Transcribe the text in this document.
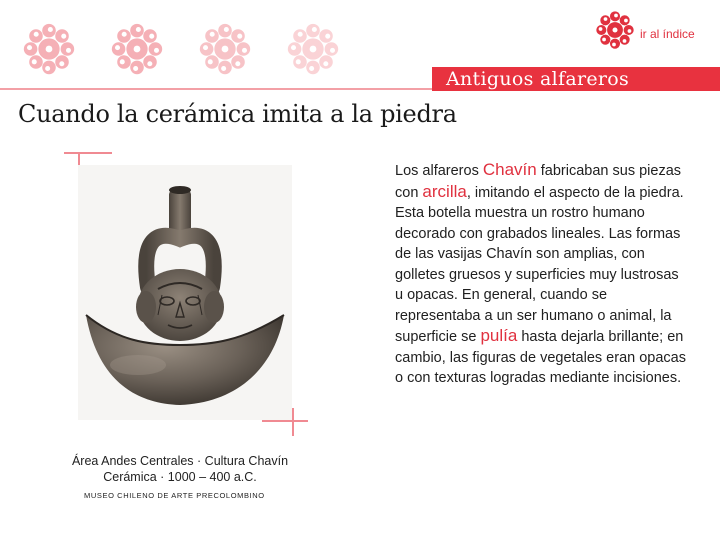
ir al índice
Antiguos alfareros
Cuando la cerámica imita a la piedra
Área Andes Centrales · Cultura Chavín
Cerámica · 1000 – 400 a.C.
MUSEO CHILENO DE ARTE PRECOLOMBINO
Los alfareros Chavín fabricaban sus piezas con arcilla, imitando el aspecto de la piedra. Esta botella muestra un rostro humano decorado con grabados lineales. Las formas de las vasijas Chavín son amplias, con golletes gruesos y superficies muy lustrosas u opacas. En general, cuando se representaba a un ser humano o animal, la superficie se pulía hasta dejarla brillante; en cambio, las figuras de vegetales eran opacas o con texturas logradas mediante incisiones.
